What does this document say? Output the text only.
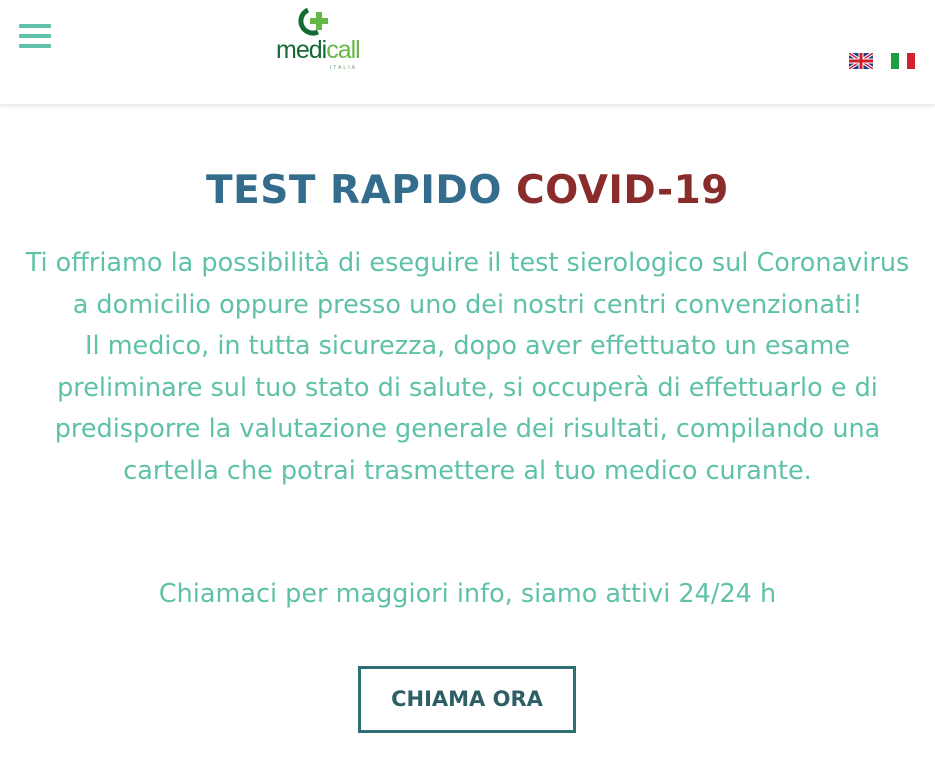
medicall
ITALIA
TEST RAPIDO COVID-19

Ti offriamo la possibilità di eseguire il test sierologico sul Coronavirus a domicilio oppure presso uno dei nostri centri convenzionati!

Il medico, in tutta sicurezza, dopo aver effettuato un esame preliminare sul tuo stato di salute, si occuperà di effettuarlo e di predisporre la valutazione generale dei risultati, compilando una cartella che potrai trasmettere al tuo medico curante.

Chiamaci per maggiori info, siamo attivi 24/24 h

CHIAMA ORA
